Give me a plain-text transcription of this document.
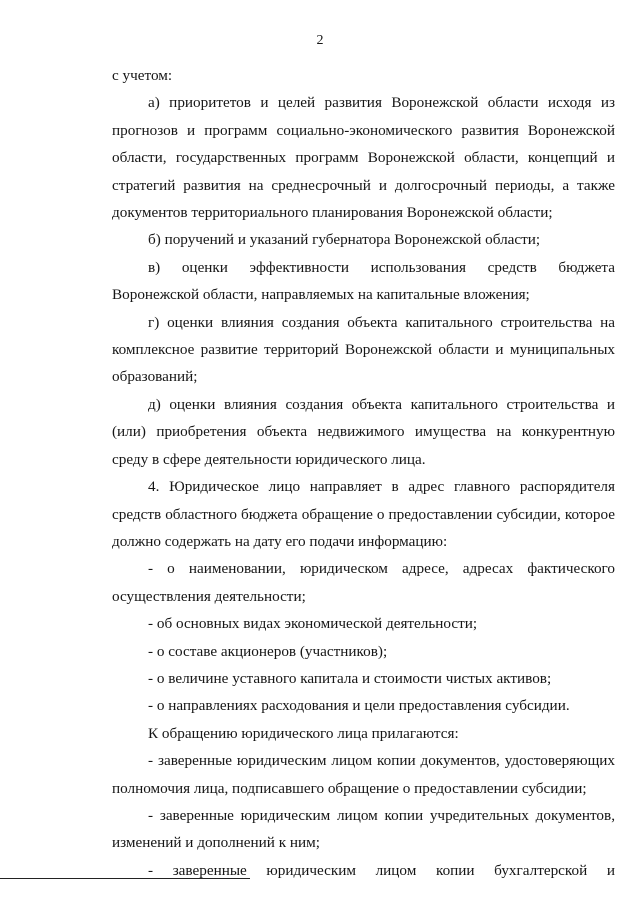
2

с учетом:

а) приоритетов и целей развития Воронежской области исходя из прогнозов и программ социально-экономического развития Воронежской области, государственных программ Воронежской области, концепций и стратегий развития на среднесрочный и долгосрочный периоды, а также документов территориального планирования Воронежской области;

б) поручений и указаний губернатора Воронежской области;

в) оценки эффективности использования средств бюджета Воронежской области, направляемых на капитальные вложения;

г) оценки влияния создания объекта капитального строительства на комплексное развитие территорий Воронежской области и муниципальных образований;

д) оценки влияния создания объекта капитального строительства и (или) приобретения объекта недвижимого имущества на конкурентную среду в сфере деятельности юридического лица.

4. Юридическое лицо направляет в адрес главного распорядителя средств областного бюджета обращение о предоставлении субсидии, которое должно содержать на дату его подачи информацию:

- о наименовании, юридическом адресе, адресах фактического осуществления деятельности;

- об основных видах экономической деятельности;

- о составе акционеров (участников);

- о величине уставного капитала и стоимости чистых активов;

- о направлениях расходования и цели предоставления субсидии.

К обращению юридического лица прилагаются:

- заверенные юридическим лицом копии документов, удостоверяющих полномочия лица, подписавшего обращение о предоставлении субсидии;

- заверенные юридическим лицом копии учредительных документов, изменений и дополнений к ним;

- заверенные юридическим лицом копии бухгалтерской и
